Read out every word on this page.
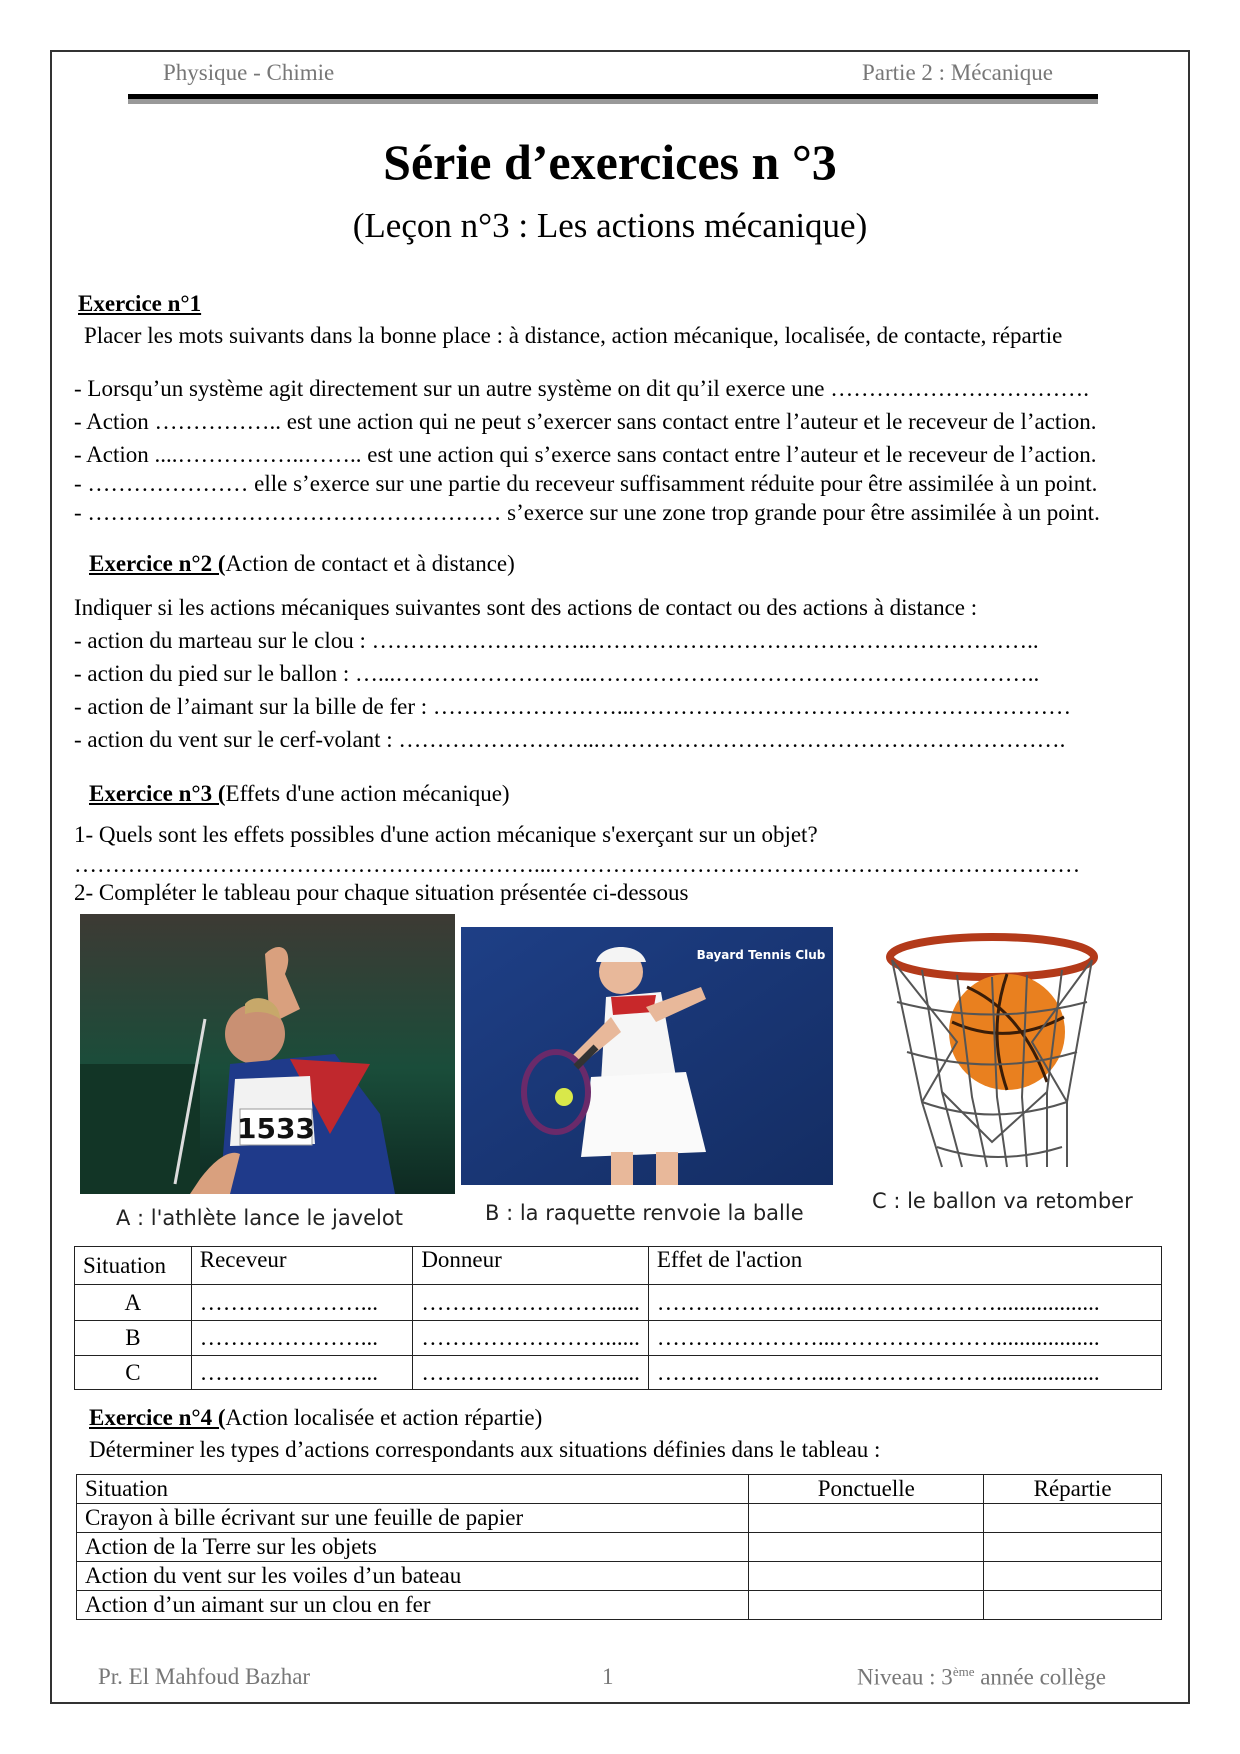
Physique - Chimie	Partie 2 : Mécanique
Série d’exercices n °3
(Leçon n°3 : Les actions mécanique)
Exercice n°1
Placer les mots suivants dans la bonne place : à distance, action mécanique, localisée, de contacte, répartie
- Lorsqu’un système agit directement sur un autre système on dit qu’il exerce une …………………………….
- Action …………….. est une action qui ne peut s’exercer sans contact entre l’auteur et le receveur de l’action.
- Action ....……………..…….. est une action qui s’exerce sans contact entre l’auteur et le receveur de l’action.
- ………………… elle s’exerce sur une partie du receveur suffisamment réduite pour être assimilée à un point.
- ……………………………………………… s’exerce sur une zone trop grande pour être assimilée à un point.
Exercice n°2 (Action de contact et à distance)
Indiquer si les actions mécaniques suivantes sont des actions de contact ou des actions à distance :
- action du marteau sur le clou : ………………………..…………………………………………………..
- action du pied sur le ballon : …...……………………..…………………………………………………..
- action de l’aimant sur la bille de fer : ……………………...…………………………………………………
- action du vent sur le cerf-volant : ……………………...…………………………………………………….
Exercice n°3 (Effets d'une action mécanique)
1- Quels sont les effets possibles d'une action mécanique s'exerçant sur un objet?
……………………………………………………...……………………………………………………………
2- Compléter le tableau pour chaque situation présentée ci-dessous
1533
A : l'athlète lance le javelot
Bayard Tennis Club
B : la raquette renvoie la balle	C : le ballon va retomber
Situation	Receveur	Donneur	Effet de l'action
A	…………………...	……………………......	…………………...…………………..................
B	…………………...	……………………......	…………………...…………………..................
C	…………………...	……………………......	…………………...…………………..................
Exercice n°4 (Action localisée et action répartie)
Déterminer les types d’actions correspondants aux situations définies dans le tableau :
Situation	Ponctuelle	Répartie
Crayon à bille écrivant sur une feuille de papier		
Action de la Terre sur les objets		
Action du vent sur les voiles d’un bateau		
Action d’un aimant sur un clou en fer		
Pr. El Mahfoud Bazhar	1	Niveau : 3ème année collège
